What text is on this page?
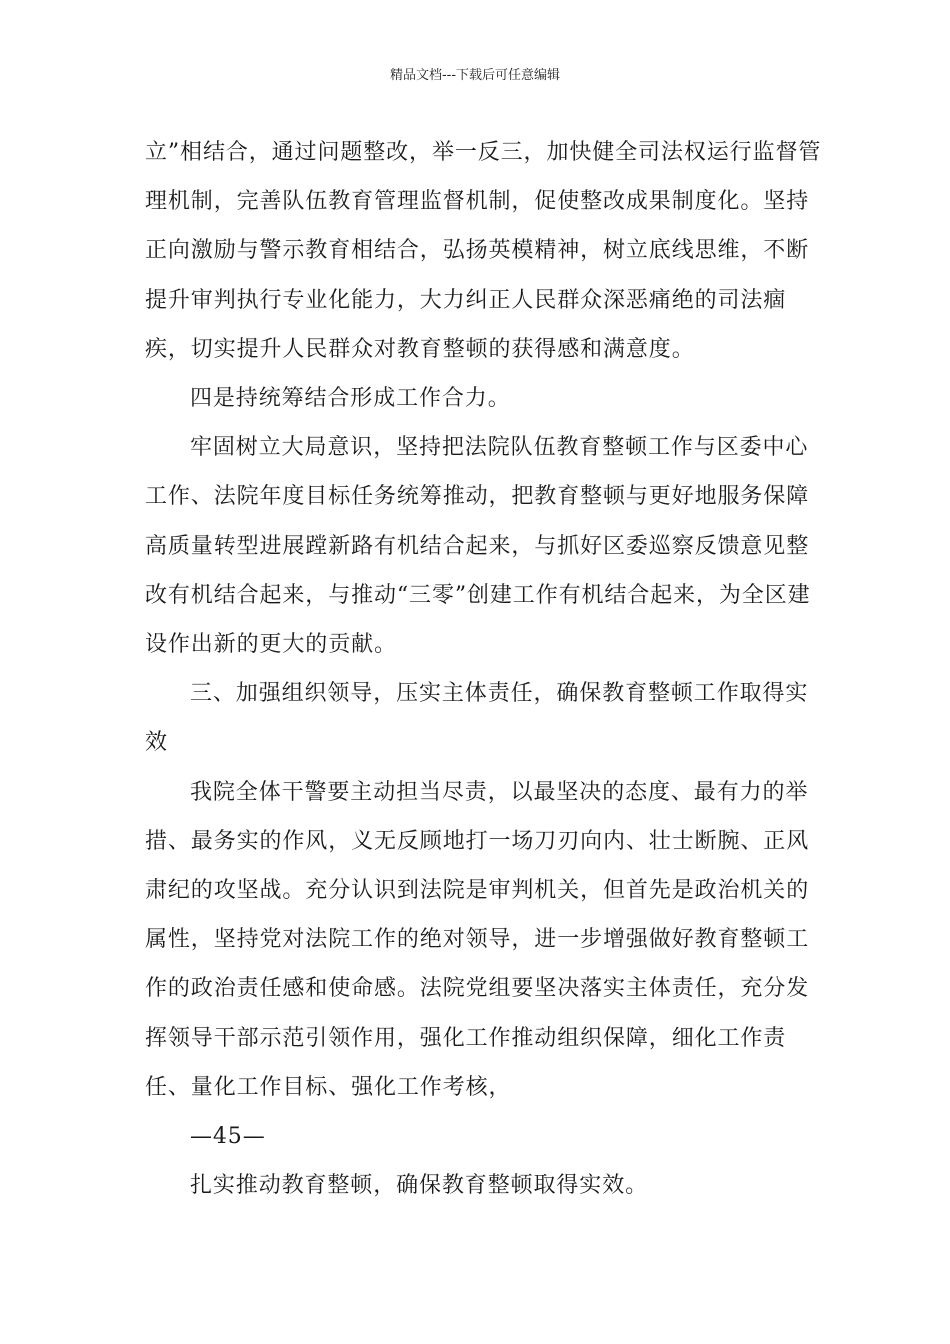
精品文档---下载后可任意编辑

立”相结合，通过问题整改，举一反三，加快健全司法权运行监督管理机制，完善队伍教育管理监督机制，促使整改成果制度化。坚持正向激励与警示教育相结合，弘扬英模精神，树立底线思维，不断提升审判执行专业化能力，大力纠正人民群众深恶痛绝的司法痼疾，切实提升人民群众对教育整顿的获得感和满意度。

四是持统筹结合形成工作合力。

牢固树立大局意识，坚持把法院队伍教育整顿工作与区委中心工作、法院年度目标任务统筹推动，把教育整顿与更好地服务保障高质量转型进展蹚新路有机结合起来，与抓好区委巡察反馈意见整改有机结合起来，与推动“三零”创建工作有机结合起来，为全区建设作出新的更大的贡献。

三、加强组织领导，压实主体责任，确保教育整顿工作取得实效

我院全体干警要主动担当尽责，以最坚决的态度、最有力的举措、最务实的作风，义无反顾地打一场刀刃向内、壮士断腕、正风肃纪的攻坚战。充分认识到法院是审判机关，但首先是政治机关的属性，坚持党对法院工作的绝对领导，进一步增强做好教育整顿工作的政治责任感和使命感。法院党组要坚决落实主体责任，充分发挥领导干部示范引领作用，强化工作推动组织保障，细化工作责任、量化工作目标、强化工作考核，

—45—

扎实推动教育整顿，确保教育整顿取得实效。
